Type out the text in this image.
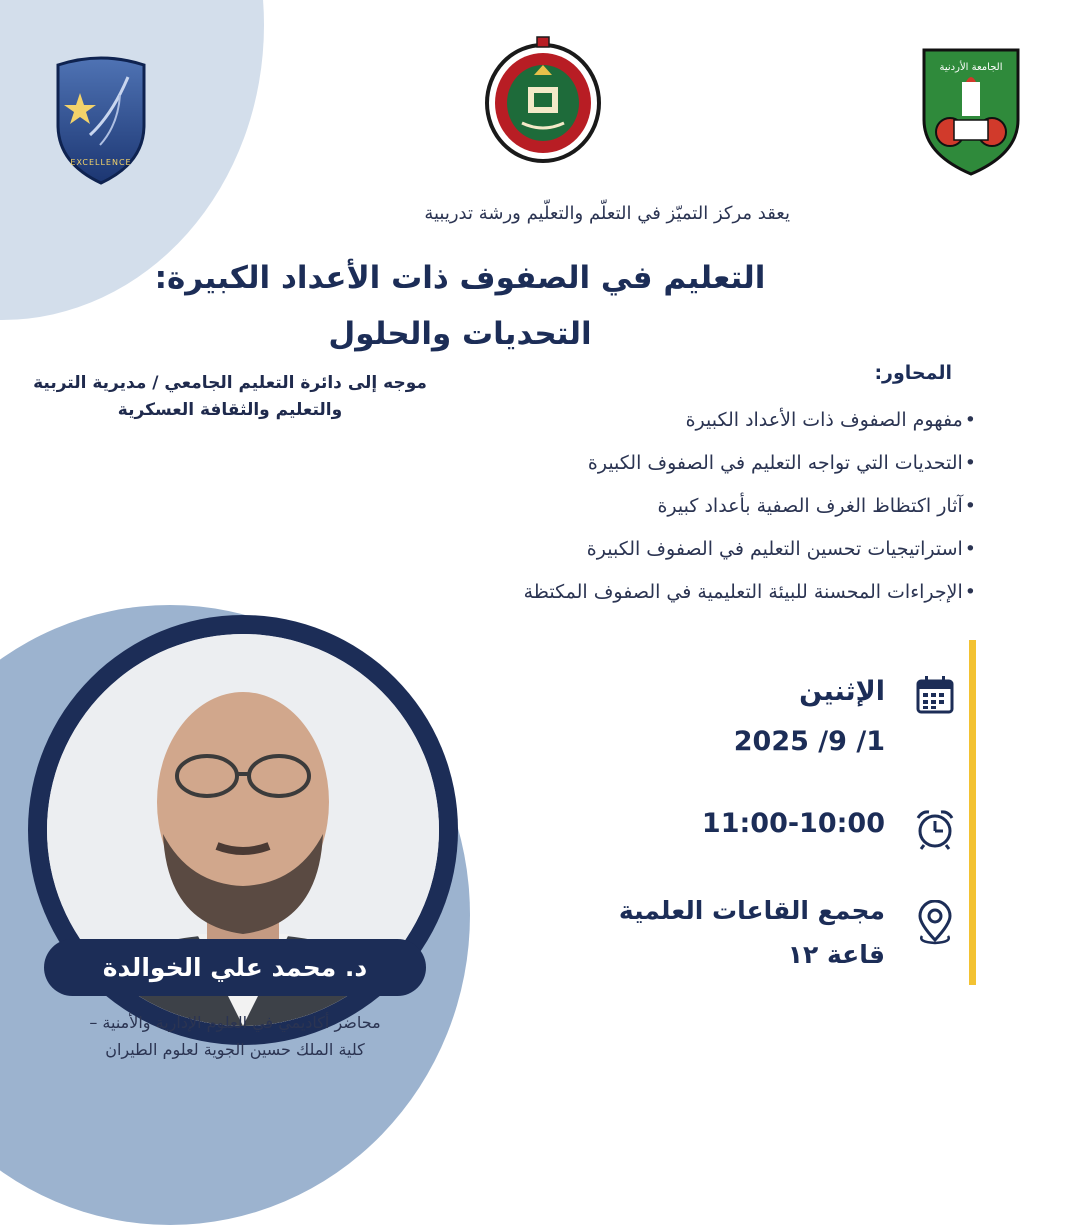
EXCELLENCE
الجامعة الأردنية
يعقد مركز التميّز في التعلّم والتعلّيم ورشة تدريبية
التعليم في الصفوف ذات الأعداد الكبيرة:
التحديات والحلول
موجه إلى دائرة التعليم الجامعي / مديرية التربية والتعليم والثقافة العسكرية
المحاور:
• مفهوم الصفوف ذات الأعداد الكبيرة
• التحديات التي تواجه التعليم في الصفوف الكبيرة
• آثار اكتظاظ الغرف الصفية بأعداد كبيرة
• استراتيجيات تحسين التعليم في الصفوف الكبيرة
• الإجراءات المحسنة للبيئة التعليمية في الصفوف المكتظة
د. محمد علي الخوالدة
محاضر أكاديمي في العلوم الإدارية والأمنية –
كلية الملك حسين الجوية لعلوم الطيران
الإثنين
2025 /9 /1
11:00-10:00
مجمع القاعات العلمية
قاعة ١٢
